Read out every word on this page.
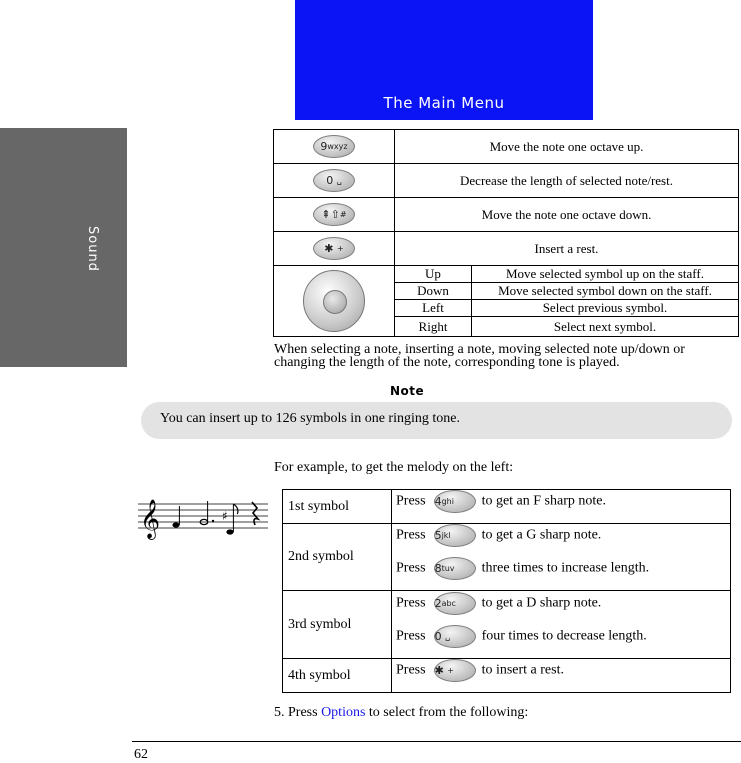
The Main Menu
Sound
$9^{wxyz}$	Move the note one octave up.
0 ␣	Decrease the length of selected note/rest.
⇞⇧#	Move the note one octave down.
✱ +	Insert a rest.

Up	Move selected symbol up on the staff.
Down	Move selected symbol down on the staff.
Left	Select previous symbol.
Right	Select next symbol.
When selecting a note, inserting a note, moving selected note up/down or changing the length of the note, corresponding tone is played.
Note
You can insert up to 126 symbols in one ringing tone.
For example, to get the melody on the left:
𝄞	♯
1st symbol	Press $4^{ghi}$ to get an F sharp note.

2nd symbol	Press $5^{jkl}$ to get a G sharp note.
Press $8^{tuv}$ three times to increase length.

3rd symbol	Press $2^{abc}$ to get a D sharp note.
Press 0 ␣ four times to decrease length.

4th symbol	Press ✱ + to insert a rest.
5. Press Options to select from the following:
62
